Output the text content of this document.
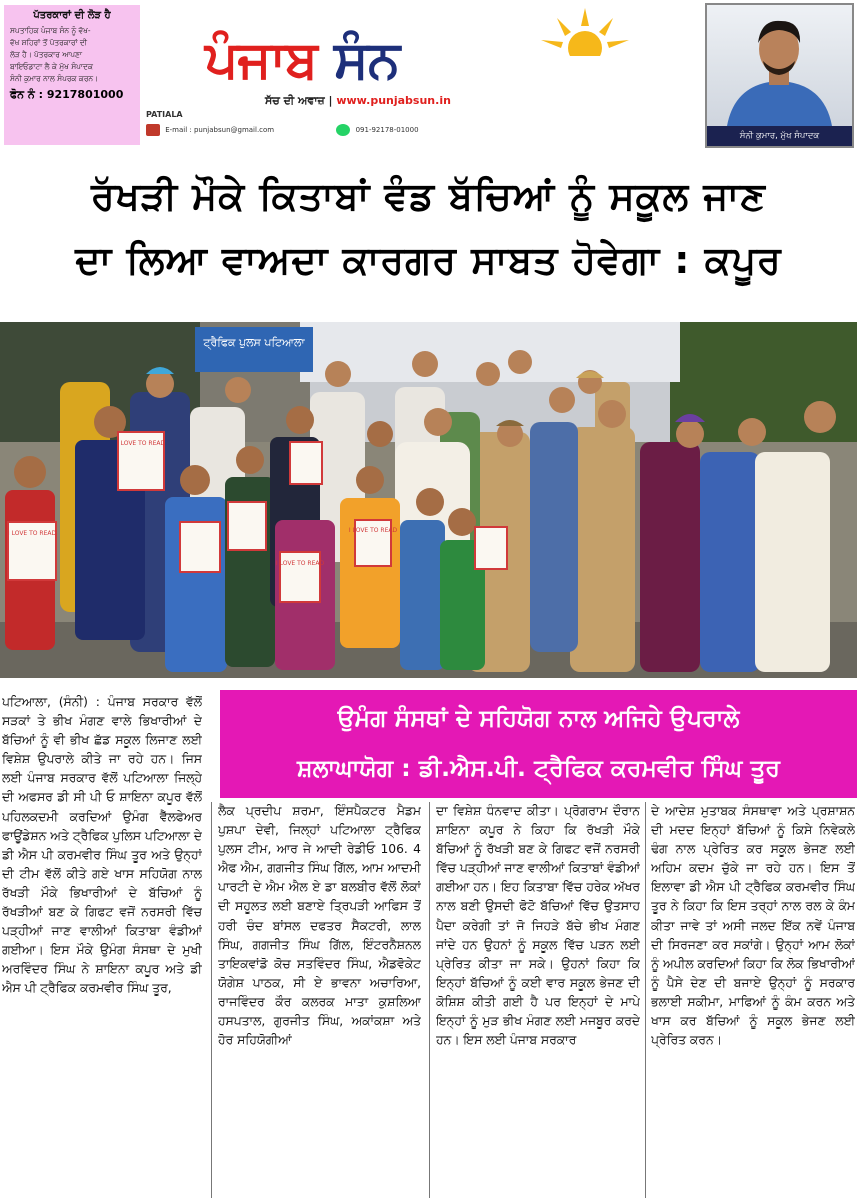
ਪੱਤਰਕਾਰਾਂ ਦੀ ਲੋੜ ਹੈ
ਸਪਤਾਹਿਕ ਪੰਜਾਬ ਸੰਨ ਨੂੰ ਵੱਖ-
ਵੱਖ ਸ਼ਹਿਰਾਂ ਤੋਂ ਪੱਤਰਕਾਰਾਂ ਦੀ
ਲੋੜ ਹੈ। ਪੱਤਰਕਾਰ ਆਪਣਾ
ਬਾਇਓਡਾਟਾ ਲੈ ਕੇ ਮੁੱਖ ਸੰਪਾਦਕ
ਸੰਨੀ ਕੁਮਾਰ ਨਾਲ ਸੰਪਰਕ ਕਰਨ।
ਫੋਨ ਨੰ : 9217801000
PATIALA
ਪੰਜਾਬ ਸੰਨ
ਸੱਚ ਦੀ ਅਵਾਜ਼ | www.punjabsun.in
E-mail : punjabsun@gmail.com	091-92178-01000
ਸੰਨੀ ਕੁਮਾਰ, ਮੁੱਖ ਸੰਪਾਦਕ
ਰੱਖੜੀ ਮੌਕੇ ਕਿਤਾਬਾਂ ਵੰਡ ਬੱਚਿਆਂ ਨੂੰ ਸਕੂਲ ਜਾਣ
ਦਾ ਲਿਆ ਵਾਅਦਾ ਕਾਰਗਰ ਸਾਬਤ ਹੋਵੇਗਾ : ਕਪੂਰ
ਟ੍ਰੈਫਿਕ ਪੁਲਸ ਪਟਿਆਲਾ
I LOVE TO READ
I LOVE TO READ
I LOVE TO READ
I LOVE TO READ
ਉਮੰਗ ਸੰਸਥਾਂ ਦੇ ਸਹਿਯੋਗ ਨਾਲ ਅਜਿਹੇ ਉਪਰਾਲੇ
ਸ਼ਲਾਘਾਯੋਗ : ਡੀ.ਐਸ.ਪੀ. ਟ੍ਰੈਫਿਕ ਕਰਮਵੀਰ ਸਿੰਘ ਤੂਰ
ਪਟਿਆਲਾ, (ਸੰਨੀ) : ਪੰਜਾਬ ਸਰਕਾਰ ਵੱਲੋਂ ਸੜਕਾਂ ਤੇ ਭੀਖ ਮੰਗਣ ਵਾਲੇ ਭਿਖਾਰੀਆਂ ਦੇ ਬੱਚਿਆਂ ਨੂੰ ਵੀ ਭੀਖ ਛੱਡ ਸਕੂਲ ਲਿਜਾਣ ਲਈ ਵਿਸ਼ੇਸ਼ ਉਪਰਾਲੇ ਕੀਤੇ ਜਾ ਰਹੇ ਹਨ। ਜਿਸ ਲਈ ਪੰਜਾਬ ਸਰਕਾਰ ਵੱਲੋਂ ਪਟਿਆਲਾ ਜਿਲ੍ਹੇ ਦੀ ਅਫਸਰ ਡੀ ਸੀ ਪੀ ਓ ਸ਼ਾਇਨਾ ਕਪੂਰ ਵੱਲੋਂ ਪਹਿਲਕਦਮੀ ਕਰਦਿਆਂ ਉਮੰਗ ਵੈੱਲਫੇਅਰ ਫਾਊਂਡੇਸ਼ਨ ਅਤੇ ਟ੍ਰੈਫਿਕ ਪੁਲਿਸ ਪਟਿਆਲਾ ਦੇ ਡੀ ਐਸ ਪੀ ਕਰਮਵੀਰ ਸਿੰਘ ਤੂਰ ਅਤੇ ਉਨ੍ਹਾਂ ਦੀ ਟੀਮ ਵੱਲੋਂ ਕੀਤੇ ਗਏ ਖਾਸ ਸਹਿਯੋਗ ਨਾਲ ਰੱਖੜੀ ਮੌਕੇ ਭਿਖਾਰੀਆਂ ਦੇ ਬੱਚਿਆਂ ਨੂੰ ਰੱਖੜੀਆਂ ਬਣ ਕੇ ਗਿਫਟ ਵਜੋਂ ਨਰਸਰੀ ਵਿੱਚ ਪੜ੍ਹੀਆਂ ਜਾਣ ਵਾਲੀਆਂ ਕਿਤਾਬਾ ਵੰਡੀਆਂ ਗਈਆ। ਇਸ ਮੌਕੇ ਉਮੰਗ ਸੰਸਥਾ ਦੇ ਮੁਖੀ ਅਰਵਿੰਦਰ ਸਿੰਘ ਨੇ ਸ਼ਾਇਨਾ ਕਪੂਰ ਅਤੇ ਡੀ ਐਸ ਪੀ ਟ੍ਰੈਫਿਕ ਕਰਮਵੀਰ ਸਿੰਘ ਤੂਰ,
ਲੈਕ ਪ੍ਰਦੀਪ ਸ਼ਰਮਾ, ਇੰਸਪੈਕਟਰ ਮੈਡਮ ਪੁਸ਼ਪਾ ਦੇਵੀ, ਜਿਲ੍ਹਾਂ ਪਟਿਆਲਾ ਟ੍ਰੈਫਿਕ ਪੁਲਸ ਟੀਮ, ਆਰ ਜੇ ਆਦੀ ਰੇਡੀਓ 106. 4 ਐਫ ਐਮ, ਗਗਜੀਤ ਸਿੰਘ ਗਿੱਲ, ਆਮ ਆਦਮੀ ਪਾਰਟੀ ਦੇ ਐਮ ਐਲ ਏ ਡਾ ਬਲਬੀਰ ਵੱਲੋਂ ਲੋਕਾਂ ਦੀ ਸਹੂਲਤ ਲਈ ਬਣਾਏ ਤ੍ਰਿਪੜੀ ਆਫਿਸ ਤੋਂ ਹਰੀ ਚੰਦ ਬਾਂਸਲ ਦਫਤਰ ਸੈਕਟਰੀ, ਲਾਲ ਸਿੰਘ, ਗਗਜੀਤ ਸਿੰਘ ਗਿੱਲ, ਇੰਟਰਨੈਸ਼ਨਲ ਤਾਇਕਵਾਂਡੋ ਕੋਚ ਸਤਵਿੰਦਰ ਸਿੰਘ, ਐਡਵੋਕੇਟ ਯੋਗੇਸ਼ ਪਾਠਕ, ਸੀ ਏ ਭਾਵਨਾ ਅਚਾਰਿਆ, ਰਾਜਵਿੰਦਰ ਕੌਰ ਕਲਰਕ ਮਾਤਾ ਕੁਸ਼ਲਿਆ ਹਸਪਤਾਲ, ਗੁਰਜੀਤ ਸਿੰਘ, ਅਕਾਂਕਸ਼ਾ ਅਤੇ ਹੋਰ ਸਹਿਯੋਗੀਆਂ
ਦਾ ਵਿਸ਼ੇਸ਼ ਧੰਨਵਾਦ ਕੀਤਾ। ਪ੍ਰੋਗਰਾਮ ਦੌਰਾਨ ਸ਼ਾਇਨਾ ਕਪੂਰ ਨੇ ਕਿਹਾ ਕਿ ਰੱਖੜੀ ਮੌਕੇ ਬੱਚਿਆਂ ਨੂੰ ਰੱਖੜੀ ਬਣ ਕੇ ਗਿਫਟ ਵਜੋਂ ਨਰਸਰੀ ਵਿੱਚ ਪੜ੍ਹੀਆਂ ਜਾਣ ਵਾਲੀਆਂ ਕਿਤਾਬਾਂ ਵੰਡੀਆਂ ਗਈਆ ਹਨ। ਇਹ ਕਿਤਾਬਾ ਵਿੱਚ ਹਰੇਕ ਅੱਖਰ ਨਾਲ ਬਣੀ ਉਸਦੀ ਫੋਟੋ ਬੱਚਿਆਂ ਵਿੱਚ ਉਤਸਾਹ ਪੈਦਾ ਕਰੇਗੀ ਤਾਂ ਜੋ ਜਿਹੜੇ ਬੱਚੇ ਭੀਖ ਮੰਗਣ ਜਾਂਦੇ ਹਨ ਉਹਨਾਂ ਨੂੰ ਸਕੂਲ ਵਿੱਚ ਪੜਨ ਲਈ ਪ੍ਰੇਰਿਤ ਕੀਤਾ ਜਾ ਸਕੇ। ਉਹਨਾਂ ਕਿਹਾ ਕਿ ਇਨ੍ਹਾਂ ਬੱਚਿਆਂ ਨੂੰ ਕਈ ਵਾਰ ਸਕੂਲ ਭੇਜਣ ਦੀ ਕੋਸ਼ਿਸ਼ ਕੀਤੀ ਗਈ ਹੈ ਪਰ ਇਨ੍ਹਾਂ ਦੇ ਮਾਪੇ ਇਨ੍ਹਾਂ ਨੂੰ ਮੁੜ ਭੀਖ ਮੰਗਣ ਲਈ ਮਜਬੂਰ ਕਰਦੇ ਹਨ। ਇਸ ਲਈ ਪੰਜਾਬ ਸਰਕਾਰ
ਦੇ ਆਦੇਸ਼ ਮੁਤਾਬਕ ਸੰਸਥਾਵਾ ਅਤੇ ਪ੍ਰਸ਼ਾਸ਼ਨ ਦੀ ਮਦਦ ਇਨ੍ਹਾਂ ਬੱਚਿਆਂ ਨੂੰ ਕਿਸੇ ਨਿਵੇਕਲੇ ਢੰਗ ਨਾਲ ਪ੍ਰੇਰਿਤ ਕਰ ਸਕੂਲ ਭੇਜਣ ਲਈ ਅਹਿਮ ਕਦਮ ਚੁੱਕੇ ਜਾ ਰਹੇ ਹਨ। ਇਸ ਤੋਂ ਇਲਾਵਾ ਡੀ ਐਸ ਪੀ ਟ੍ਰੈਫਿਕ ਕਰਮਵੀਰ ਸਿੰਘ ਤੂਰ ਨੇ ਕਿਹਾ ਕਿ ਇਸ ਤਰ੍ਹਾਂ ਨਾਲ ਰਲ ਕੇ ਕੰਮ ਕੀਤਾ ਜਾਵੇ ਤਾਂ ਅਸੀ ਜਲਦ ਇੱਕ ਨਵੇਂ ਪੰਜਾਬ ਦੀ ਸਿਰਜਣਾ ਕਰ ਸਕਾਂਗੇ। ਉਨ੍ਹਾਂ ਆਮ ਲੋਕਾਂ ਨੂੰ ਅਪੀਲ ਕਰਦਿਆਂ ਕਿਹਾ ਕਿ ਲੋਕ ਭਿਖਾਰੀਆਂ ਨੂੰ ਪੈਸੇ ਦੇਣ ਦੀ ਬਜਾਏ ਉਨ੍ਹਾਂ ਨੂੰ ਸਰਕਾਰ ਭਲਾਈ ਸਕੀਮਾ, ਮਾਫਿਆਂ ਨੂੰ ਕੰਮ ਕਰਨ ਅਤੇ ਖਾਸ ਕਰ ਬੱਚਿਆਂ ਨੂੰ ਸਕੂਲ ਭੇਜਣ ਲਈ ਪ੍ਰੇਰਿਤ ਕਰਨ।
